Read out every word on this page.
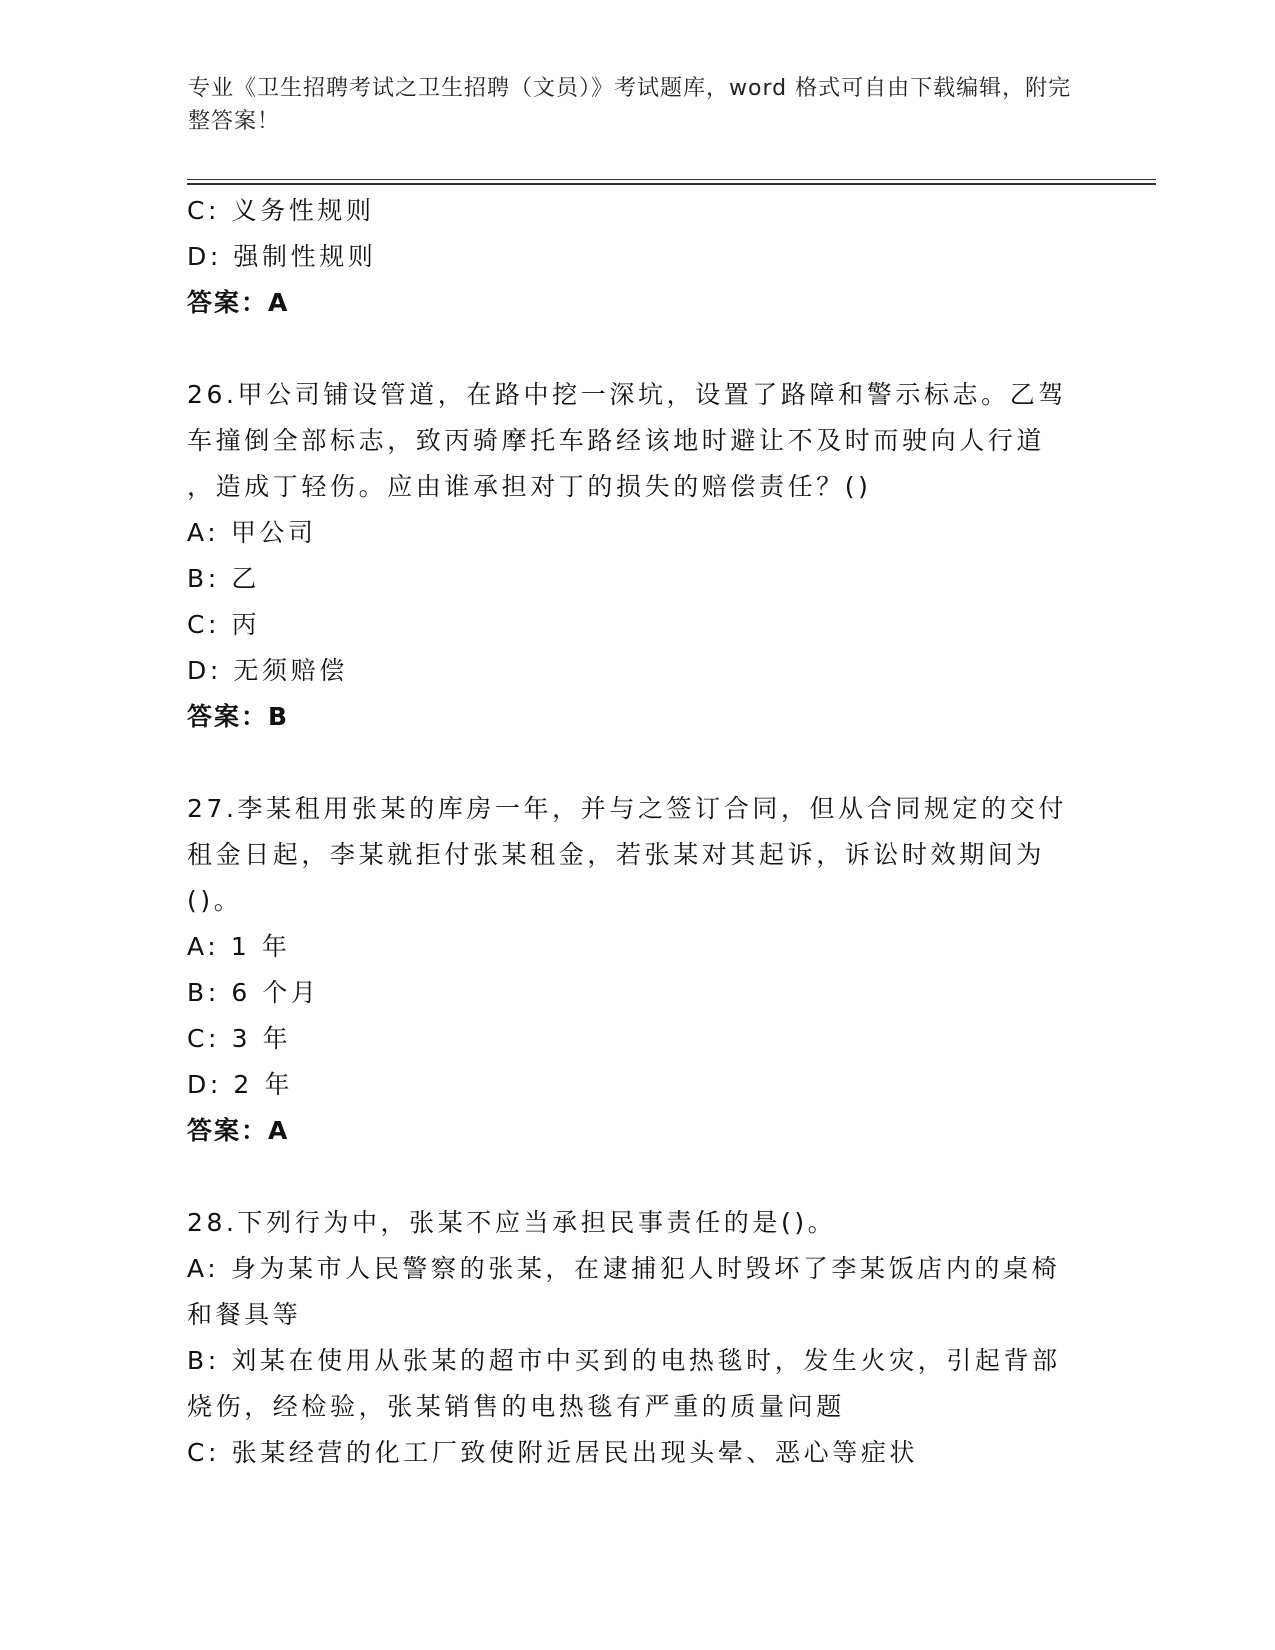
专业《卫生招聘考试之卫生招聘（文员）》考试题库，word 格式可自由下载编辑，附完整答案！
C: 义务性规则
D: 强制性规则
答案：A
26.甲公司铺设管道，在路中挖一深坑，设置了路障和警示标志。乙驾
车撞倒全部标志，致丙骑摩托车路经该地时避让不及时而驶向人行道
，造成丁轻伤。应由谁承担对丁的损失的赔偿责任？()
A: 甲公司
B: 乙
C: 丙
D: 无须赔偿
答案：B
27.李某租用张某的库房一年，并与之签订合同，但从合同规定的交付
租金日起，李某就拒付张某租金，若张某对其起诉，诉讼时效期间为
()。
A: 1 年
B: 6 个月
C: 3 年
D: 2 年
答案：A
28.下列行为中，张某不应当承担民事责任的是()。
A: 身为某市人民警察的张某，在逮捕犯人时毁坏了李某饭店内的桌椅
和餐具等
B: 刘某在使用从张某的超市中买到的电热毯时，发生火灾，引起背部
烧伤，经检验，张某销售的电热毯有严重的质量问题
C: 张某经营的化工厂致使附近居民出现头晕、恶心等症状
